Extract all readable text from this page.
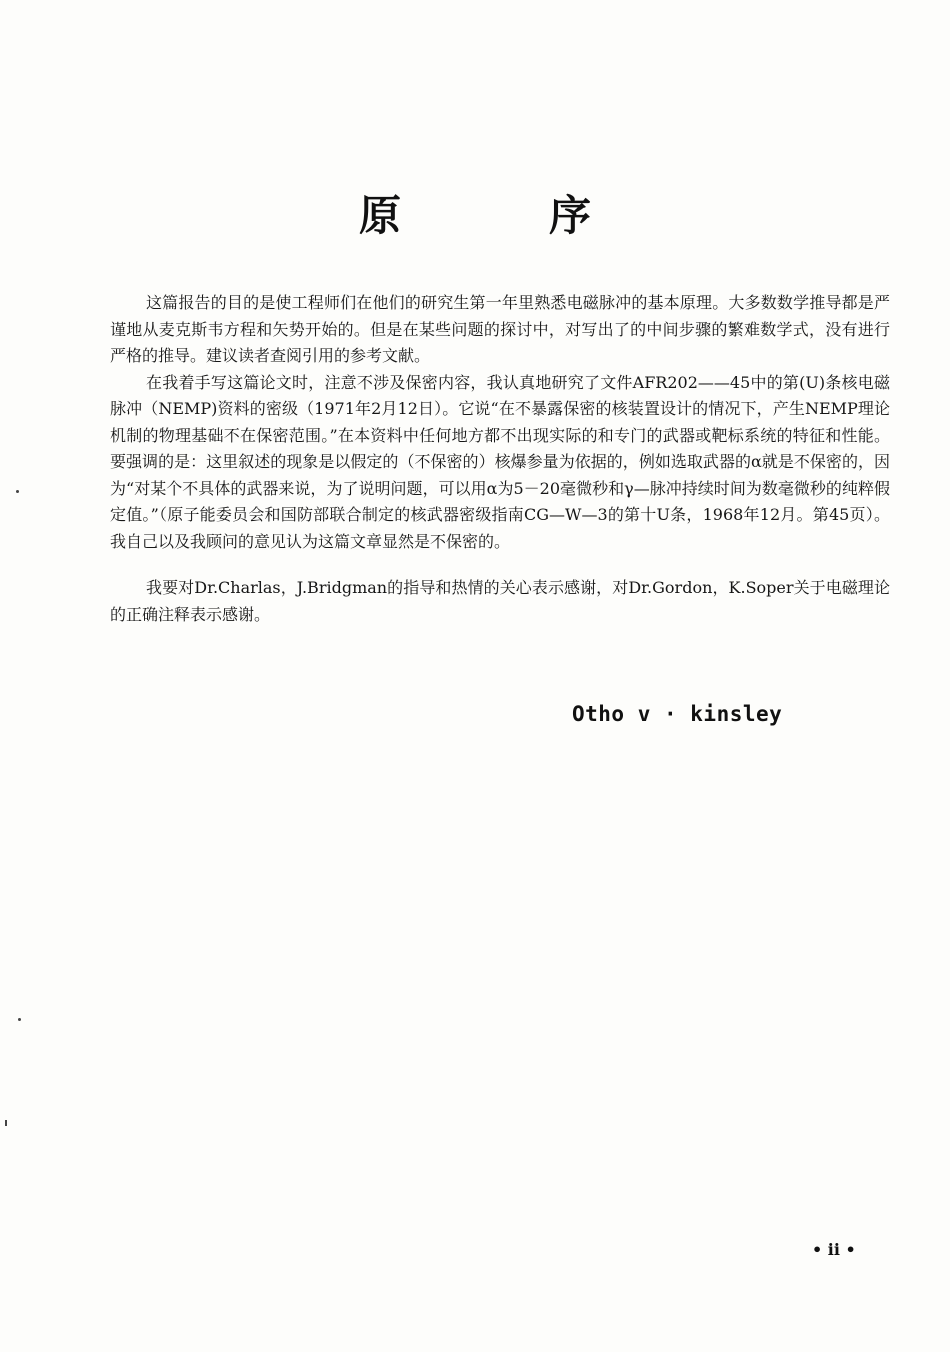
原	序

这篇报告的目的是使工程师们在他们的研究生第一年里熟悉电磁脉冲的基本原理。大多数数学推导都是严谨地从麦克斯韦方程和矢势开始的。但是在某些问题的探讨中，对写出了的中间步骤的繁难数学式，没有进行严格的推导。建议读者查阅引用的参考文献。

在我着手写这篇论文时，注意不涉及保密内容，我认真地研究了文件AFR202——45中的第(U)条核电磁脉冲（NEMP)资料的密级（1971年2月12日）。它说“在不暴露保密的核装置设计的情况下，产生NEMP理论机制的物理基础不在保密范围。”在本资料中任何地方都不出现实际的和专门的武器或靶标系统的特征和性能。要强调的是：这里叙述的现象是以假定的（不保密的）核爆参量为依据的，例如选取武器的α就是不保密的，因为“对某个不具体的武器来说，为了说明问题，可以用α为5－20毫微秒和γ—脉冲持续时间为数毫微秒的纯粹假定值。”（原子能委员会和国防部联合制定的核武器密级指南CG—W—3的第十U条，1968年12月。第45页）。我自己以及我顾问的意见认为这篇文章显然是不保密的。

我要对Dr.Charlas，J.Bridgman的指导和热情的关心表示感谢，对Dr.Gordon，K.Soper关于电磁理论的正确注释表示感谢。

Otho v · kinsley
• ii •
